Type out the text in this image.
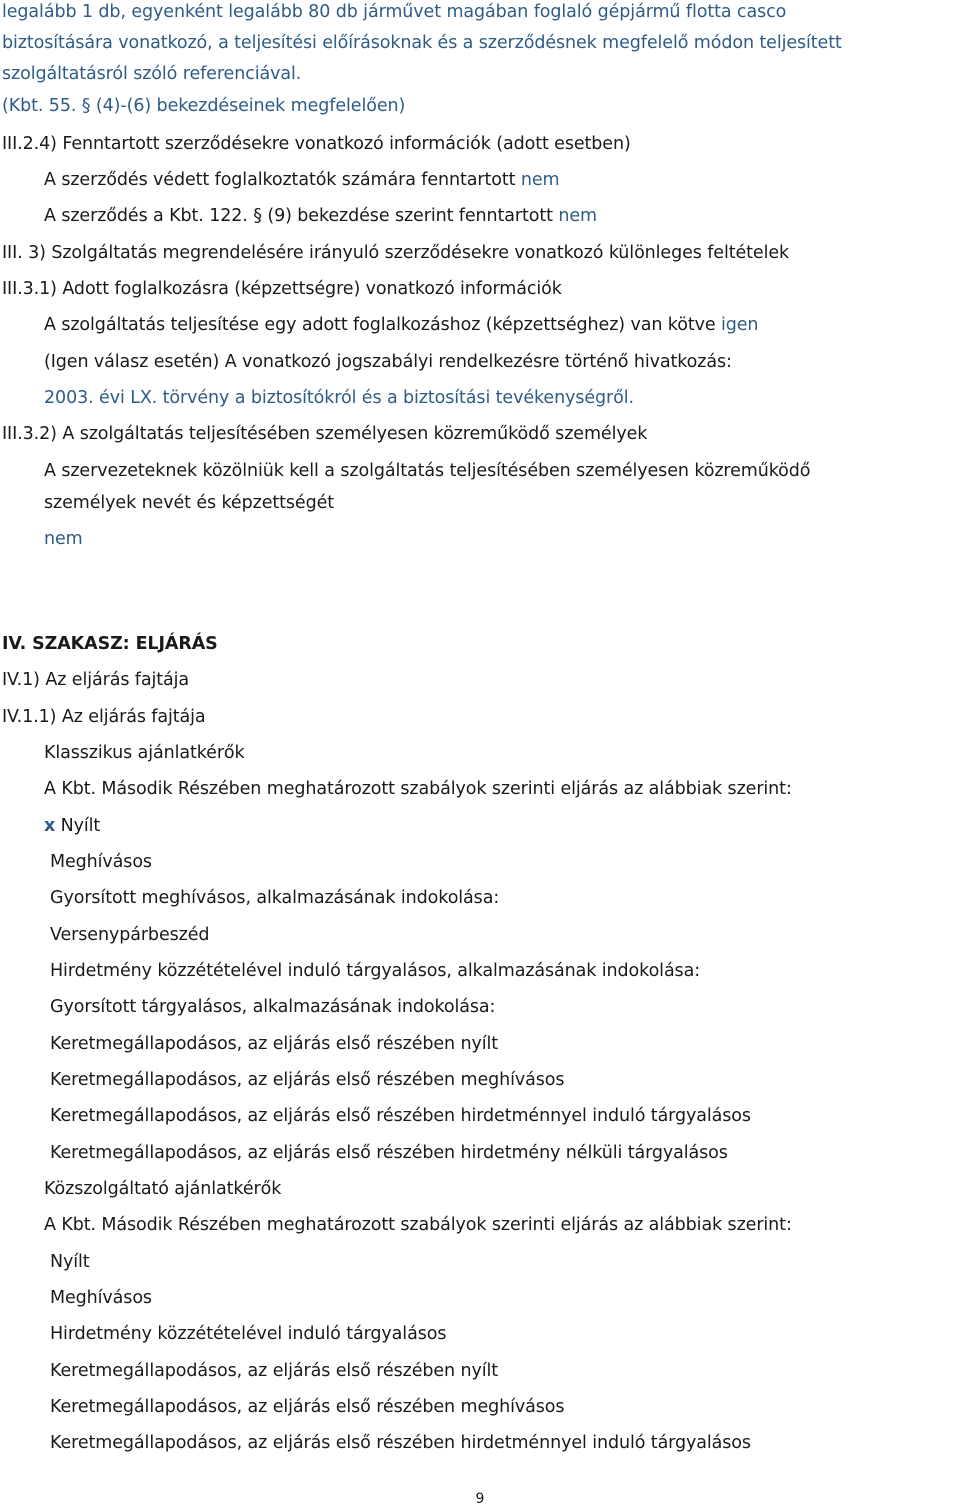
legalább 1 db, egyenként legalább 80 db járművet magában foglaló gépjármű flotta casco
biztosítására vonatkozó, a teljesítési előírásoknak és a szerződésnek megfelelő módon teljesített
szolgáltatásról szóló referenciával.
(Kbt. 55. § (4)-(6) bekezdéseinek megfelelően)
III.2.4) Fenntartott szerződésekre vonatkozó információk (adott esetben)
A szerződés védett foglalkoztatók számára fenntartott nem
A szerződés a Kbt. 122. § (9) bekezdése szerint fenntartott nem
III. 3) Szolgáltatás megrendelésére irányuló szerződésekre vonatkozó különleges feltételek
III.3.1) Adott foglalkozásra (képzettségre) vonatkozó információk
A szolgáltatás teljesítése egy adott foglalkozáshoz (képzettséghez) van kötve igen
(Igen válasz esetén) A vonatkozó jogszabályi rendelkezésre történő hivatkozás:
2003. évi LX. törvény a biztosítókról és a biztosítási tevékenységről.
III.3.2) A szolgáltatás teljesítésében személyesen közreműködő személyek
A szervezeteknek közölniük kell a szolgáltatás teljesítésében személyesen közreműködő
személyek nevét és képzettségét
nem
IV. SZAKASZ: ELJÁRÁS
IV.1) Az eljárás fajtája
IV.1.1) Az eljárás fajtája
Klasszikus ajánlatkérők
A Kbt. Második Részében meghatározott szabályok szerinti eljárás az alábbiak szerint:
x Nyílt
Meghívásos
Gyorsított meghívásos, alkalmazásának indokolása:
Versenypárbeszéd
Hirdetmény közzétételével induló tárgyalásos, alkalmazásának indokolása:
Gyorsított tárgyalásos, alkalmazásának indokolása:
Keretmegállapodásos, az eljárás első részében nyílt
Keretmegállapodásos, az eljárás első részében meghívásos
Keretmegállapodásos, az eljárás első részében hirdetménnyel induló tárgyalásos
Keretmegállapodásos, az eljárás első részében hirdetmény nélküli tárgyalásos
Közszolgáltató ajánlatkérők
A Kbt. Második Részében meghatározott szabályok szerinti eljárás az alábbiak szerint:
Nyílt
Meghívásos
Hirdetmény közzétételével induló tárgyalásos
Keretmegállapodásos, az eljárás első részében nyílt
Keretmegállapodásos, az eljárás első részében meghívásos
Keretmegállapodásos, az eljárás első részében hirdetménnyel induló tárgyalásos
9
